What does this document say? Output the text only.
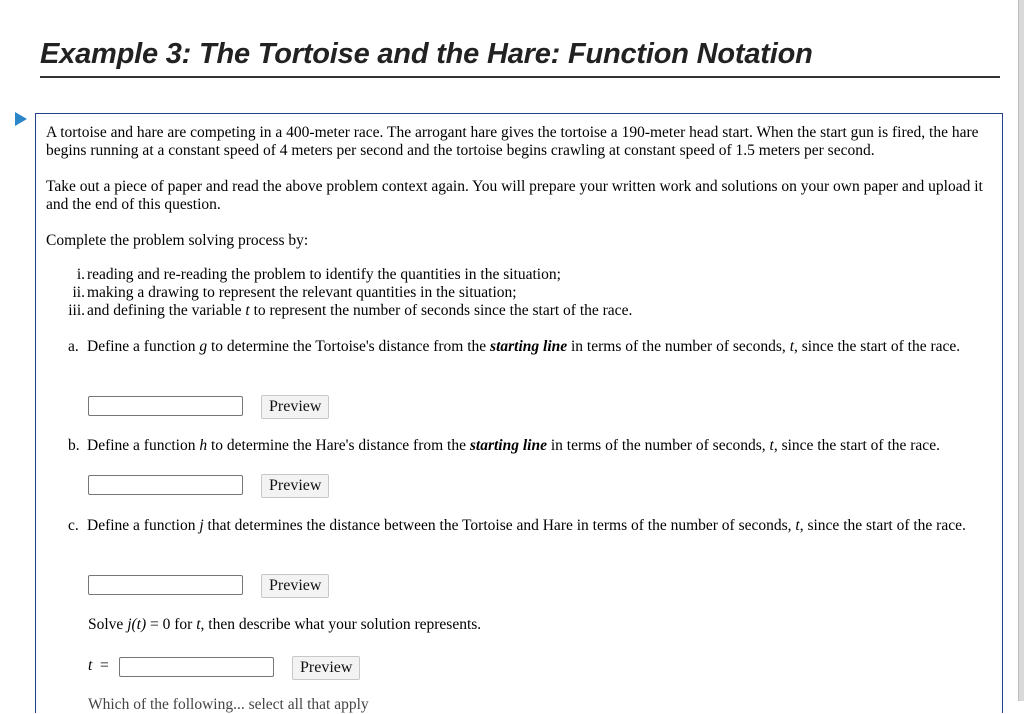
Example 3: The Tortoise and the Hare: Function Notation

A tortoise and hare are competing in a 400-meter race. The arrogant hare gives the tortoise a 190-meter head start. When the start gun is fired, the hare begins running at a constant speed of 4 meters per second and the tortoise begins crawling at constant speed of 1.5 meters per second.

Take out a piece of paper and read the above problem context again. You will prepare your written work and solutions on your own paper and upload it and the end of this question.

Complete the problem solving process by:

i. reading and re-reading the problem to identify the quantities in the situation;
ii. making a drawing to represent the relevant quantities in the situation;
iii. and defining the variable t to represent the number of seconds since the start of the race.
a. Define a function g to determine the Tortoise's distance from the starting line in terms of the number of seconds, t, since the start of the race.
Preview
b. Define a function h to determine the Hare's distance from the starting line in terms of the number of seconds, t, since the start of the race.
Preview
c. Define a function j that determines the distance between the Tortoise and Hare in terms of the number of seconds, t, since the start of the race.
Preview
Solve j(t) = 0 for t, then describe what your solution represents.
t =	Preview
Which of the following... select all that apply
